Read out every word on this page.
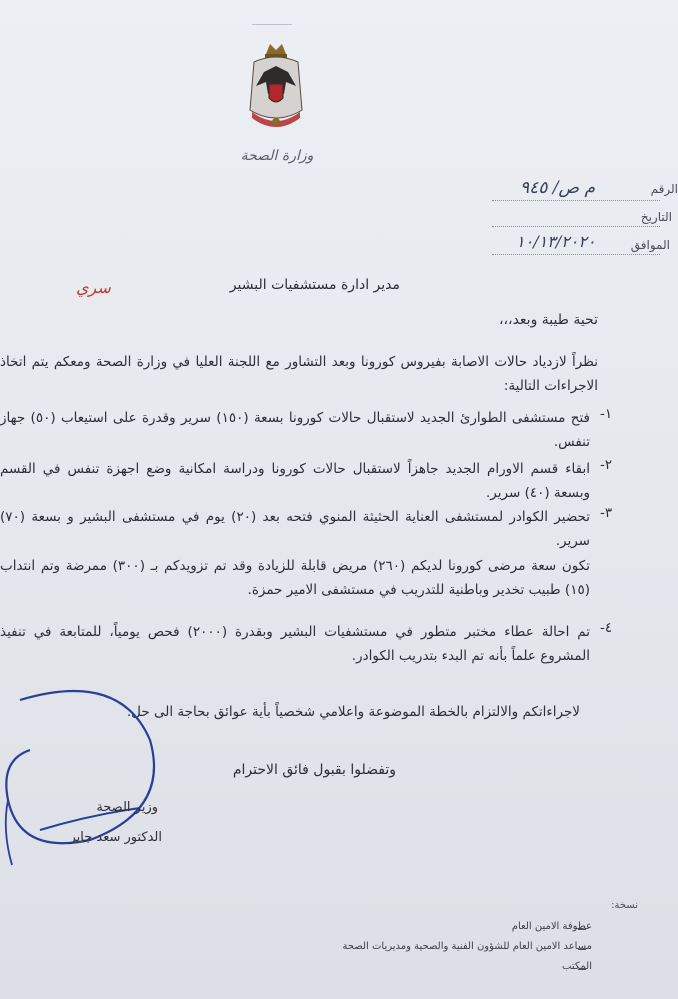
وزارة الصحة
الرقم
م ص/ ٩٤٥
التاريخ
الموافق
١٠/١٣/٢٠٢٠
سري	مدير ادارة مستشفيات البشير
تحية طيبة وبعد،،،
نظراً لازدياد حالات الاصابة بفيروس كورونا وبعد التشاور مع اللجنة العليا في وزارة الصحة ومعكم يتم اتخاذ الاجراءات التالية:
١-
فتح مستشفى الطوارئ الجديد لاستقبال حالات كورونا بسعة (١٥٠) سرير وقدرة على استيعاب (٥٠) جهاز تنفس.
٢-
ابقاء قسم الاورام الجديد جاهزاً لاستقبال حالات كورونا ودراسة امكانية وضع اجهزة تنفس في القسم وبسعة (٤٠) سرير.
٣-
تحضير الكوادر لمستشفى العناية الحثيثة المنوي فتحه بعد (٢٠) يوم في مستشفى البشير و بسعة (٧٠) سرير.
تكون سعة مرضى كورونا لديكم (٢٦٠) مريض قابلة للزيادة وقد تم تزويدكم بـ (٣٠٠) ممرضة وتم انتداب (١٥) طبيب تخدير وباطنية للتدريب في مستشفى الامير حمزة.
٤-
تم احالة عطاء مختبر متطور في مستشفيات البشير وبقدرة (٢٠٠٠) فحص يومياً، للمتابعة في تنفيذ المشروع علماً بأنه تم البدء بتدريب الكوادر.
لاجراءاتكم والالتزام بالخطة الموضوعة واعلامي شخصياً بأية عوائق بحاجة الى حل.
وتفضلوا بقبول فائق الاحترام
وزير الصحة
الدكتور سعد جابر
نسخة:
عطوفة الامين العام
مساعد الامين العام للشؤون الفنية والصحية ومديريات الصحة
المكتب
